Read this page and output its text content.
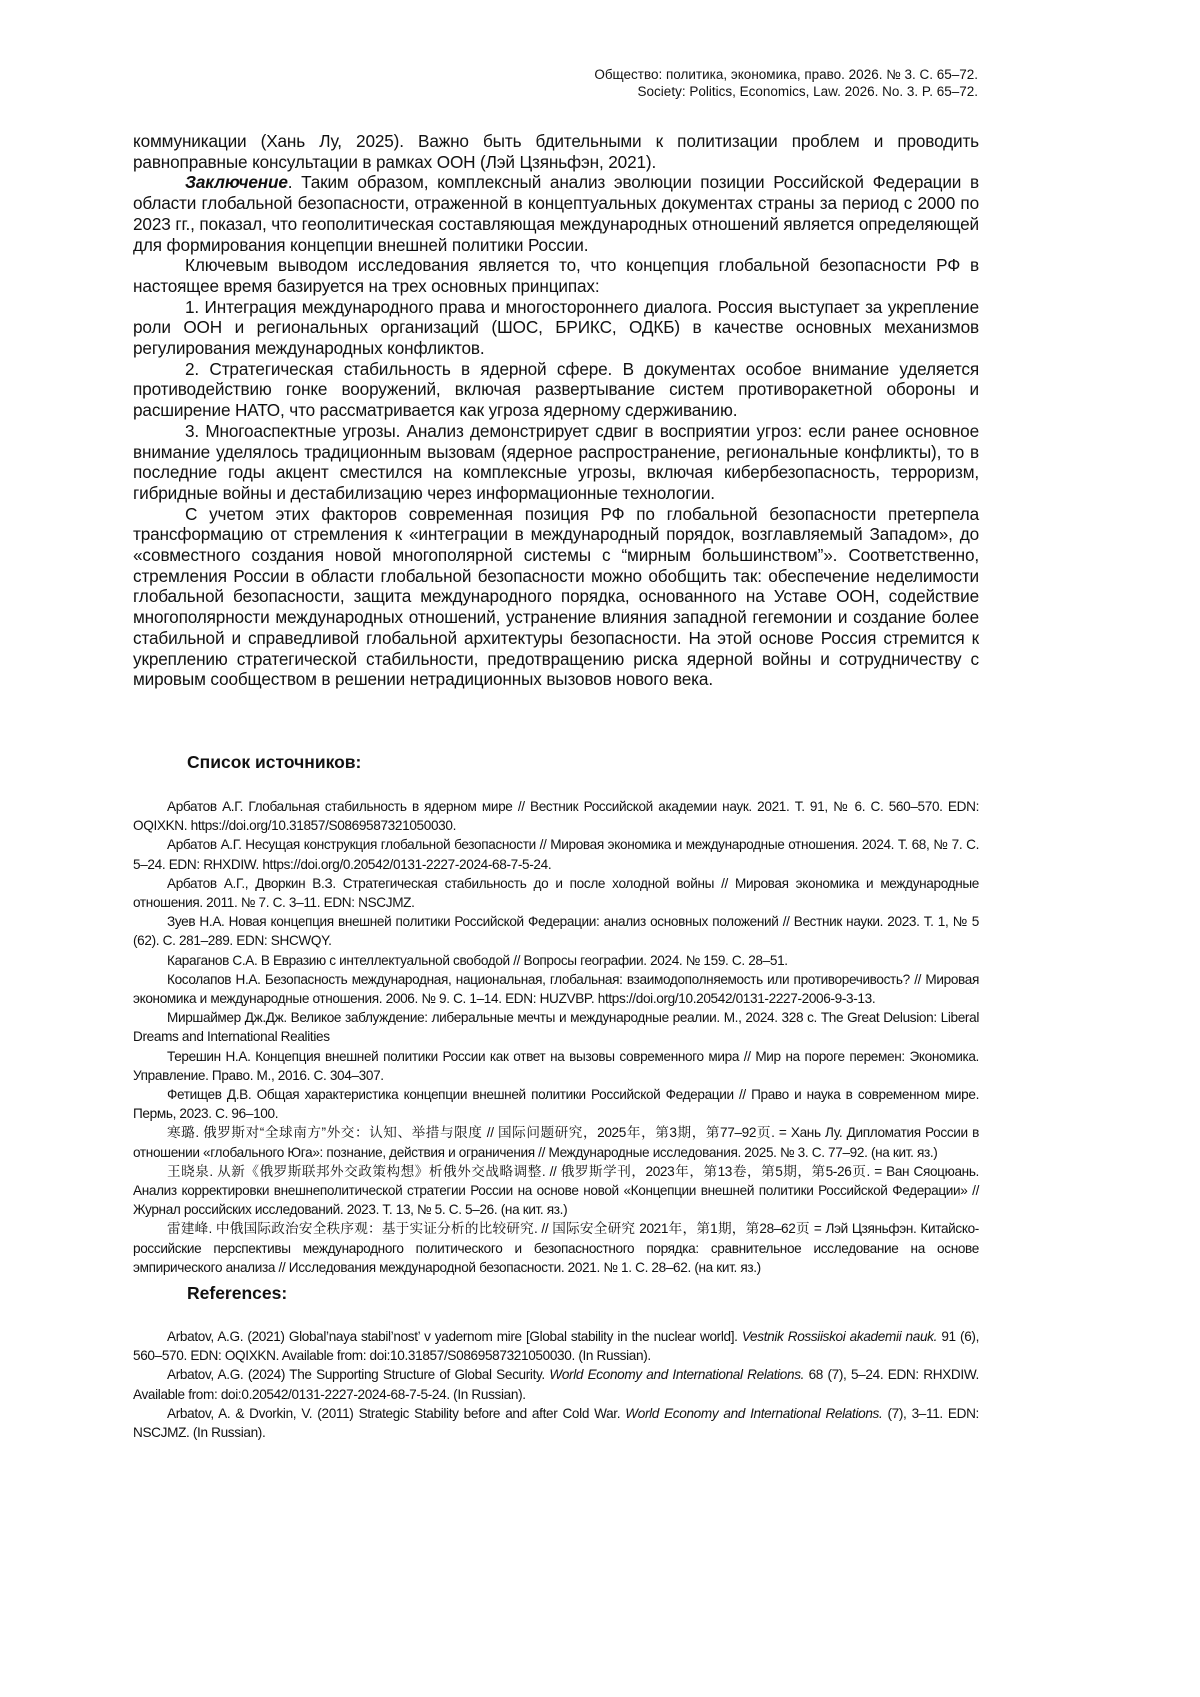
Общество: политика, экономика, право. 2026. № 3. С. 65–72.
Society: Politics, Economics, Law. 2026. No. 3. P. 65–72.

коммуникации (Хань Лу, 2025). Важно быть бдительными к политизации проблем и проводить равноправные консультации в рамках ООН (Лэй Цзяньфэн, 2021).

Заключение. Таким образом, комплексный анализ эволюции позиции Российской Федерации в области глобальной безопасности, отраженной в концептуальных документах страны за период с 2000 по 2023 гг., показал, что геополитическая составляющая международных отношений является определяющей для формирования концепции внешней политики России.

Ключевым выводом исследования является то, что концепция глобальной безопасности РФ в настоящее время базируется на трех основных принципах:

1. Интеграция международного права и многостороннего диалога. Россия выступает за укрепление роли ООН и региональных организаций (ШОС, БРИКС, ОДКБ) в качестве основных механизмов регулирования международных конфликтов.

2. Стратегическая стабильность в ядерной сфере. В документах особое внимание уделяется противодействию гонке вооружений, включая развертывание систем противоракетной обороны и расширение НАТО, что рассматривается как угроза ядерному сдерживанию.

3. Многоаспектные угрозы. Анализ демонстрирует сдвиг в восприятии угроз: если ранее основное внимание уделялось традиционным вызовам (ядерное распространение, региональные конфликты), то в последние годы акцент сместился на комплексные угрозы, включая кибербезопасность, терроризм, гибридные войны и дестабилизацию через информационные технологии.

С учетом этих факторов современная позиция РФ по глобальной безопасности претерпела трансформацию от стремления к «интеграции в международный порядок, возглавляемый Западом», до «совместного создания новой многополярной системы с “мирным большинством”». Соответственно, стремления России в области глобальной безопасности можно обобщить так: обеспечение неделимости глобальной безопасности, защита международного порядка, основанного на Уставе ООН, содействие многополярности международных отношений, устранение влияния западной гегемонии и создание более стабильной и справедливой глобальной архитектуры безопасности. На этой основе Россия стремится к укреплению стратегической стабильности, предотвращению риска ядерной войны и сотрудничеству с мировым сообществом в решении нетрадиционных вызовов нового века.

Список источников:

Арбатов А.Г. Глобальная стабильность в ядерном мире // Вестник Российской академии наук. 2021. Т. 91, № 6. С. 560–570. EDN: OQIXKN. https://doi.org/10.31857/S0869587321050030.

Арбатов А.Г. Несущая конструкция глобальной безопасности // Мировая экономика и международные отношения. 2024. Т. 68, № 7. С. 5–24. EDN: RHXDIW. https://doi.org/0.20542/0131-2227-2024-68-7-5-24.

Арбатов А.Г., Дворкин В.З. Стратегическая стабильность до и после холодной войны // Мировая экономика и международные отношения. 2011. № 7. С. 3–11. EDN: NSCJMZ.

Зуев Н.А. Новая концепция внешней политики Российской Федерации: анализ основных положений // Вестник науки. 2023. Т. 1, № 5 (62). С. 281–289. EDN: SHCWQY.

Караганов С.А. В Евразию с интеллектуальной свободой // Вопросы географии. 2024. № 159. С. 28–51.

Косолапов Н.А. Безопасность международная, национальная, глобальная: взаимодополняемость или противоречивость? // Мировая экономика и международные отношения. 2006. № 9. С. 1–14. EDN: HUZVBP. https://doi.org/10.20542/0131-2227-2006-9-3-13.

Миршаймер Дж.Дж. Великое заблуждение: либеральные мечты и международные реалии. М., 2024. 328 с. The Great Delusion: Liberal Dreams and International Realities

Терешин Н.А. Концепция внешней политики России как ответ на вызовы современного мира // Мир на пороге перемен: Экономика. Управление. Право. М., 2016. С. 304–307.

Фетищев Д.В. Общая характеристика концепции внешней политики Российской Федерации // Право и наука в современном мире. Пермь, 2023. С. 96–100.

寒璐. 俄罗斯对“全球南方”外交：认知、举措与限度 // 国际问题研究，2025年，第3期，第77–92页. = Хань Лу. Дипломатия России в отношении «глобального Юга»: познание, действия и ограничения // Международные исследования. 2025. № 3. С. 77–92. (на кит. яз.)

王晓泉. 从新《俄罗斯联邦外交政策构想》析俄外交战略调整. // 俄罗斯学刊，2023年，第13卷，第5期，第5-26页. = Ван Сяоцюань. Анализ корректировки внешнеполитической стратегии России на основе новой «Концепции внешней политики Российской Федерации» // Журнал российских исследований. 2023. Т. 13, № 5. С. 5–26. (на кит. яз.)

雷建峰. 中俄国际政治安全秩序观：基于实证分析的比较研究. // 国际安全研究 2021年，第1期，第28–62页 = Лэй Цзяньфэн. Китайско-российские перспективы международного политического и безопасностного порядка: сравнительное исследование на основе эмпирического анализа // Исследования международной безопасности. 2021. № 1. С. 28–62. (на кит. яз.)

References:

Arbatov, A.G. (2021) Global’naya stabil’nost’ v yadernom mire [Global stability in the nuclear world]. Vestnik Rossiiskoi akademii nauk. 91 (6), 560–570. EDN: OQIXKN. Available from: doi:10.31857/S0869587321050030. (In Russian).

Arbatov, A.G. (2024) The Supporting Structure of Global Security. World Economy and International Relations. 68 (7), 5–24. EDN: RHXDIW. Available from: doi:0.20542/0131-2227-2024-68-7-5-24. (In Russian).

Arbatov, A. & Dvorkin, V. (2011) Strategic Stability before and after Cold War. World Economy and International Relations. (7), 3–11. EDN: NSCJMZ. (In Russian).
